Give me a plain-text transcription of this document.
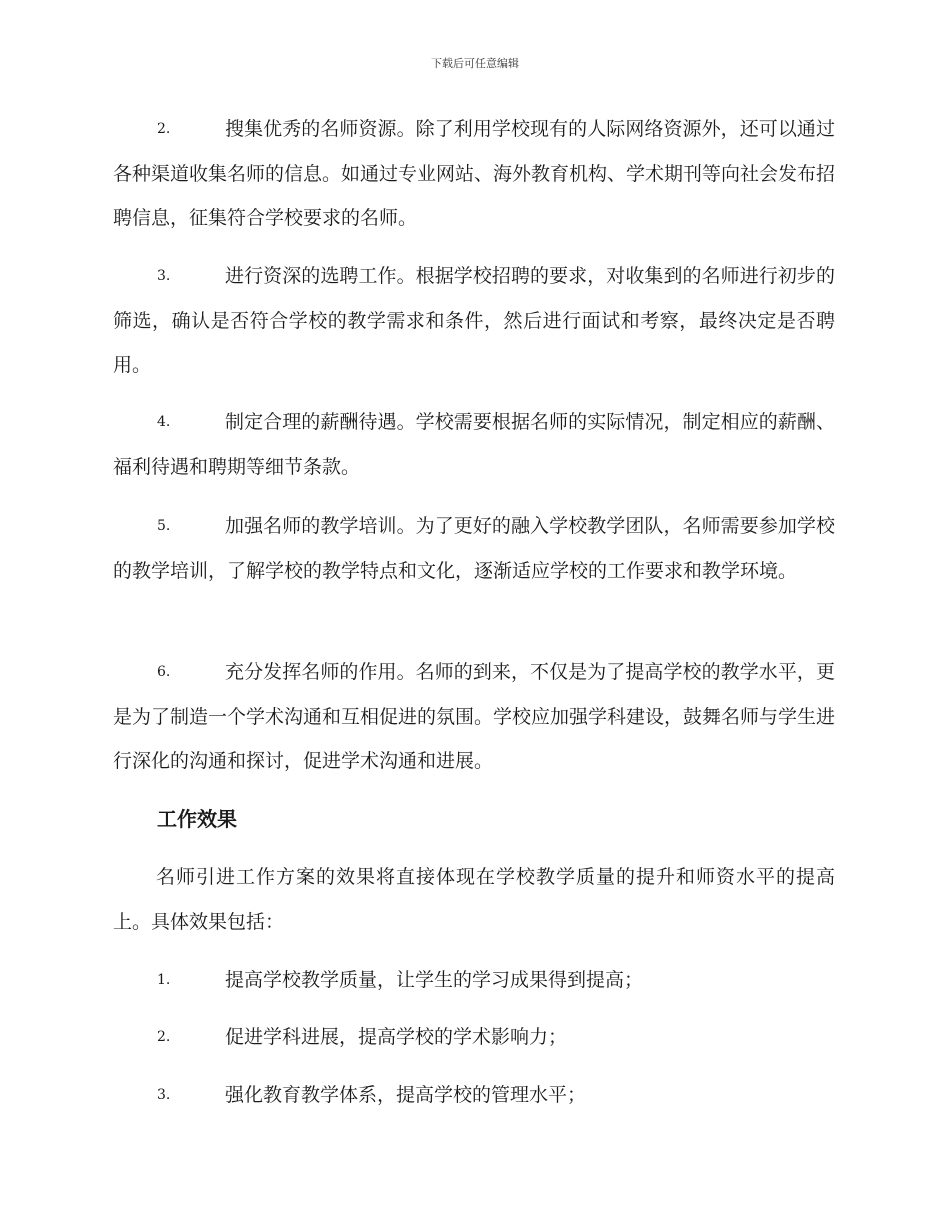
下载后可任意编辑
2.	搜集优秀的名师资源。除了利用学校现有的人际网络资源外，还可以通过各种渠道收集名师的信息。如通过专业网站、海外教育机构、学术期刊等向社会发布招聘信息，征集符合学校要求的名师。
3.	进行资深的选聘工作。根据学校招聘的要求，对收集到的名师进行初步的筛选，确认是否符合学校的教学需求和条件，然后进行面试和考察，最终决定是否聘用。
4.	制定合理的薪酬待遇。学校需要根据名师的实际情况，制定相应的薪酬、福利待遇和聘期等细节条款。
5.	加强名师的教学培训。为了更好的融入学校教学团队，名师需要参加学校的教学培训，了解学校的教学特点和文化，逐渐适应学校的工作要求和教学环境。
6.	充分发挥名师的作用。名师的到来，不仅是为了提高学校的教学水平，更是为了制造一个学术沟通和互相促进的氛围。学校应加强学科建设，鼓舞名师与学生进行深化的沟通和探讨，促进学术沟通和进展。
工作效果
名师引进工作方案的效果将直接体现在学校教学质量的提升和师资水平的提高上。具体效果包括：
1.	提高学校教学质量，让学生的学习成果得到提高；
2.	促进学科进展，提高学校的学术影响力；
3.	强化教育教学体系，提高学校的管理水平；
